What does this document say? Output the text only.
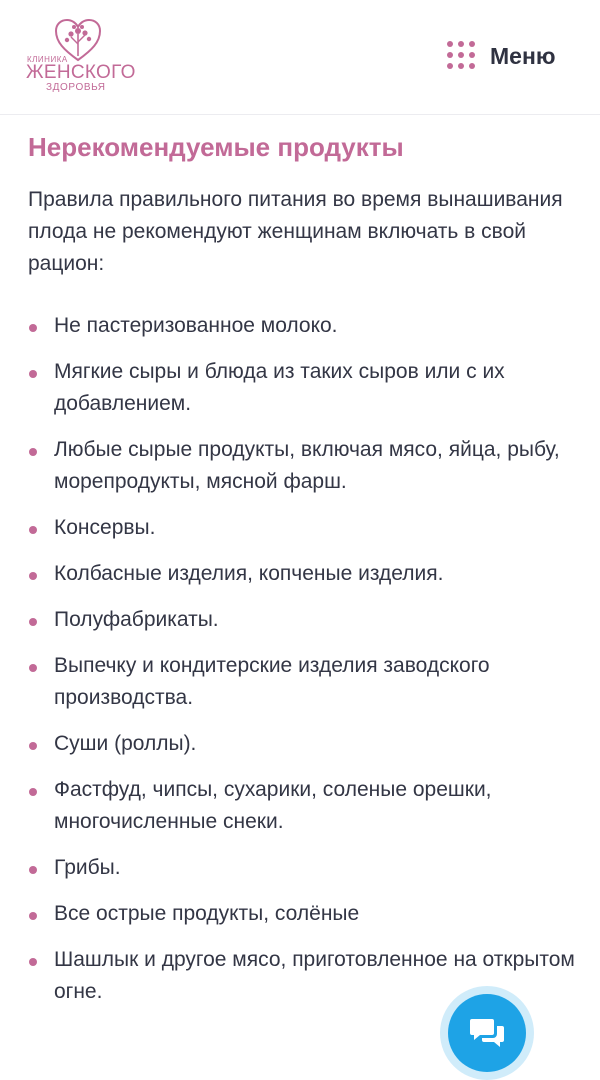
КЛИНИКА
ЖЕНСКОГО
ЗДОРОВЬЯ
Меню
Нерекомендуемые продукты

Правила правильного питания во время вынашивания плода не рекомендуют женщинам включать в свой рацион:

Не пастеризованное молоко.
Мягкие сыры и блюда из таких сыров или с их добавлением.
Любые сырые продукты, включая мясо, яйца, рыбу, морепродукты, мясной фарш.
Консервы.
Колбасные изделия, копченые изделия.
Полуфабрикаты.
Выпечку и кондитерские изделия заводского производства.
Суши (роллы).
Фастфуд, чипсы, сухарики, соленые орешки, многочисленные снеки.
Грибы.
Все острые продукты, солёные
Шашлык и другое мясо, приготовленное на открытом огне.
